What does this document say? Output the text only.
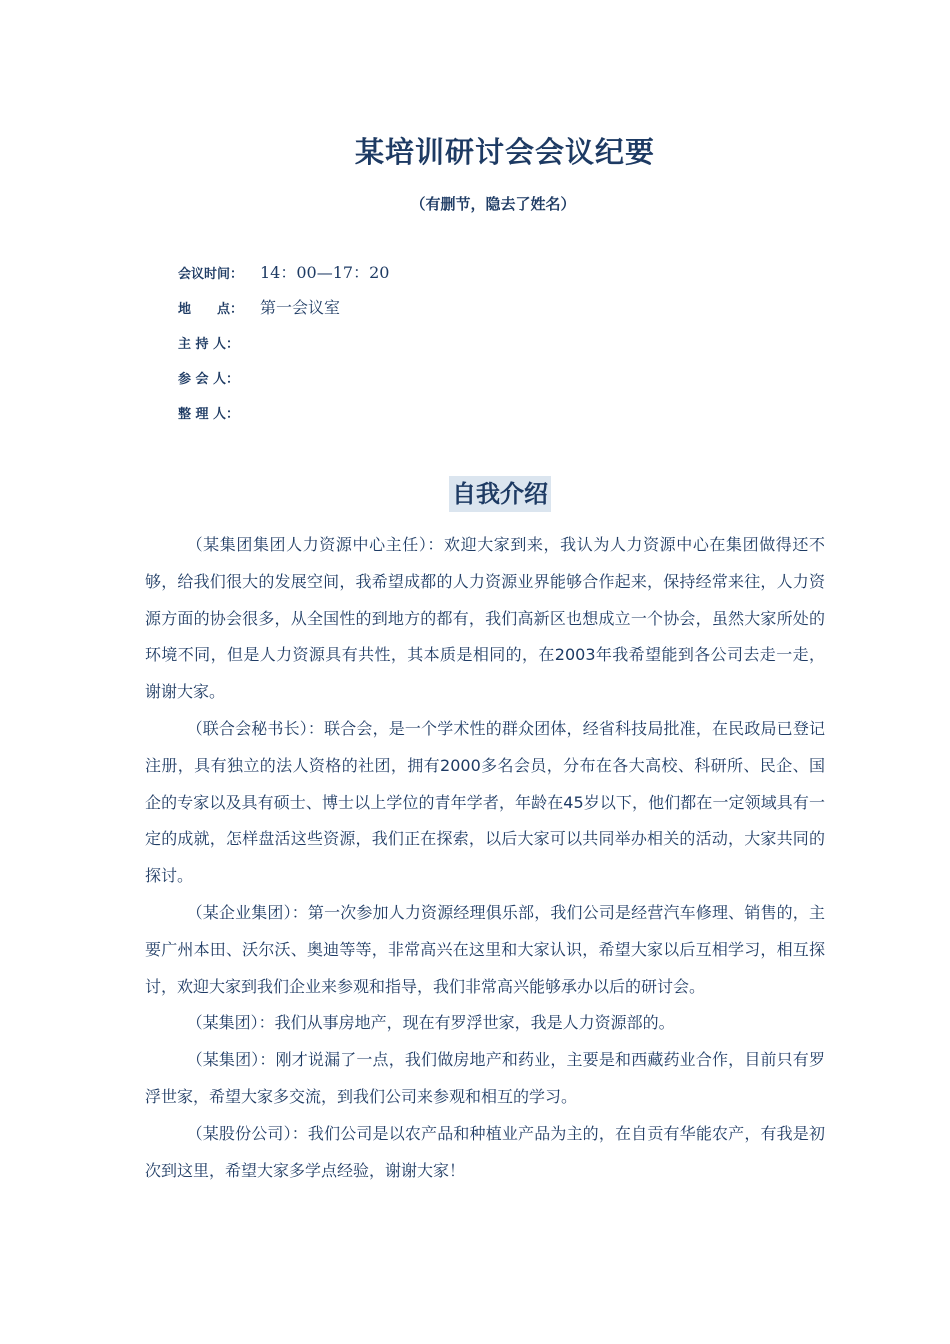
某培训研讨会会议纪要
（有删节，隐去了姓名）
会议时间： 14：00—17：20
地　　点： 第一会议室
主 持 人：
参 会 人：
整 理 人：
自我介绍

（某集团集团人力资源中心主任）：欢迎大家到来，我认为人力资源中心在集团做得还不够，给我们很大的发展空间，我希望成都的人力资源业界能够合作起来，保持经常来往，人力资源方面的协会很多，从全国性的到地方的都有，我们高新区也想成立一个协会，虽然大家所处的环境不同，但是人力资源具有共性，其本质是相同的，在2003年我希望能到各公司去走一走，谢谢大家。

（联合会秘书长）：联合会，是一个学术性的群众团体，经省科技局批准，在民政局已登记注册，具有独立的法人资格的社团，拥有2000多名会员，分布在各大高校、科研所、民企、国企的专家以及具有硕士、博士以上学位的青年学者，年龄在45岁以下，他们都在一定领域具有一定的成就，怎样盘活这些资源，我们正在探索，以后大家可以共同举办相关的活动，大家共同的探讨。

（某企业集团）：第一次参加人力资源经理俱乐部，我们公司是经营汽车修理、销售的，主要广州本田、沃尔沃、奥迪等等，非常高兴在这里和大家认识，希望大家以后互相学习，相互探讨，欢迎大家到我们企业来参观和指导，我们非常高兴能够承办以后的研讨会。

（某集团）：我们从事房地产，现在有罗浮世家，我是人力资源部的。

（某集团）：刚才说漏了一点，我们做房地产和药业，主要是和西藏药业合作，目前只有罗浮世家，希望大家多交流，到我们公司来参观和相互的学习。

（某股份公司）：我们公司是以农产品和种植业产品为主的，在自贡有华能农产，有我是初次到这里，希望大家多学点经验，谢谢大家！
